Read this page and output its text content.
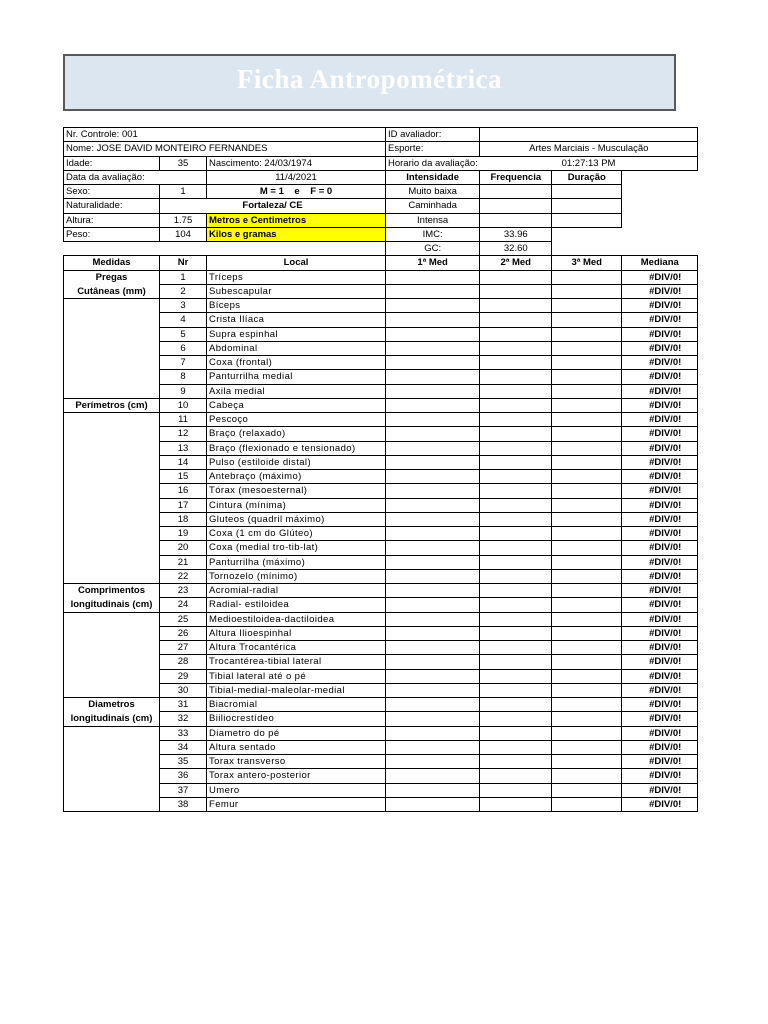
Ficha Antropométrica
Nr. Controle: 001			ID avaliador:			
Nome: JOSE DAVID MONTEIRO FERNANDES			Esporte:	Artes Marciais - Musculação		
Idade:	35	Nascimento: 24/03/1974	Horario da avaliação:	01:27:13 PM		
Data da avaliação:		11/4/2021	Intensidade	Frequencia	Duração	
Sexo:	1	M = 1    e    F = 0	Muito baixa			
Naturalidade:	Fortaleza/ CE		Caminhada			
Altura:	1.75	Metros e Centimetros	Intensa			
Peso:	104	Kilos e gramas	IMC:	33.96		
			GC:	32.60		
Medidas	Nr	Local	1ª Med	2ª Med	3ª Med	Mediana
Pregas	1	Tríceps				#DIV/0!
Cutâneas (mm)	2	Subescapular				#DIV/0!
	3	Bíceps				#DIV/0!
	4	Crista Ilíaca				#DIV/0!
	5	Supra espinhal				#DIV/0!
	6	Abdominal				#DIV/0!
	7	Coxa (frontal)				#DIV/0!
	8	Panturrilha medial				#DIV/0!
	9	Axila medial				#DIV/0!
Perímetros (cm)	10	Cabeça				#DIV/0!
	11	Pescoço				#DIV/0!
	12	Braço (relaxado)				#DIV/0!
	13	Braço (flexionado e tensionado)				#DIV/0!
	14	Pulso (estiloide distal)				#DIV/0!
	15	Antebraço (máximo)				#DIV/0!
	16	Tórax (mesoesternal)				#DIV/0!
	17	Cintura (mínima)				#DIV/0!
	18	Gluteos (quadril máximo)				#DIV/0!
	19	Coxa (1 cm do Glúteo)				#DIV/0!
	20	Coxa (medial tro-tib-lat)				#DIV/0!
	21	Panturrilha (máximo)				#DIV/0!
	22	Tornozelo (mínimo)				#DIV/0!
Comprimentos	23	Acromial-radial				#DIV/0!
longitudinais (cm)	24	Radial- estiloidea				#DIV/0!
	25	Medioestiloidea-dactiloidea				#DIV/0!
	26	Altura Ilioespinhal				#DIV/0!
	27	Altura Trocantérica				#DIV/0!
	28	Trocantérea-tibial lateral				#DIV/0!
	29	Tibial lateral até o pé				#DIV/0!
	30	Tibial-medial-maleolar-medial				#DIV/0!
Diametros	31	Biacromial				#DIV/0!
longitudinais (cm)	32	Biiliocrestídeo				#DIV/0!
	33	Diametro do pé				#DIV/0!
	34	Altura sentado				#DIV/0!
	35	Torax transverso				#DIV/0!
	36	Torax antero-posterior				#DIV/0!
	37	Umero				#DIV/0!
	38	Femur				#DIV/0!
